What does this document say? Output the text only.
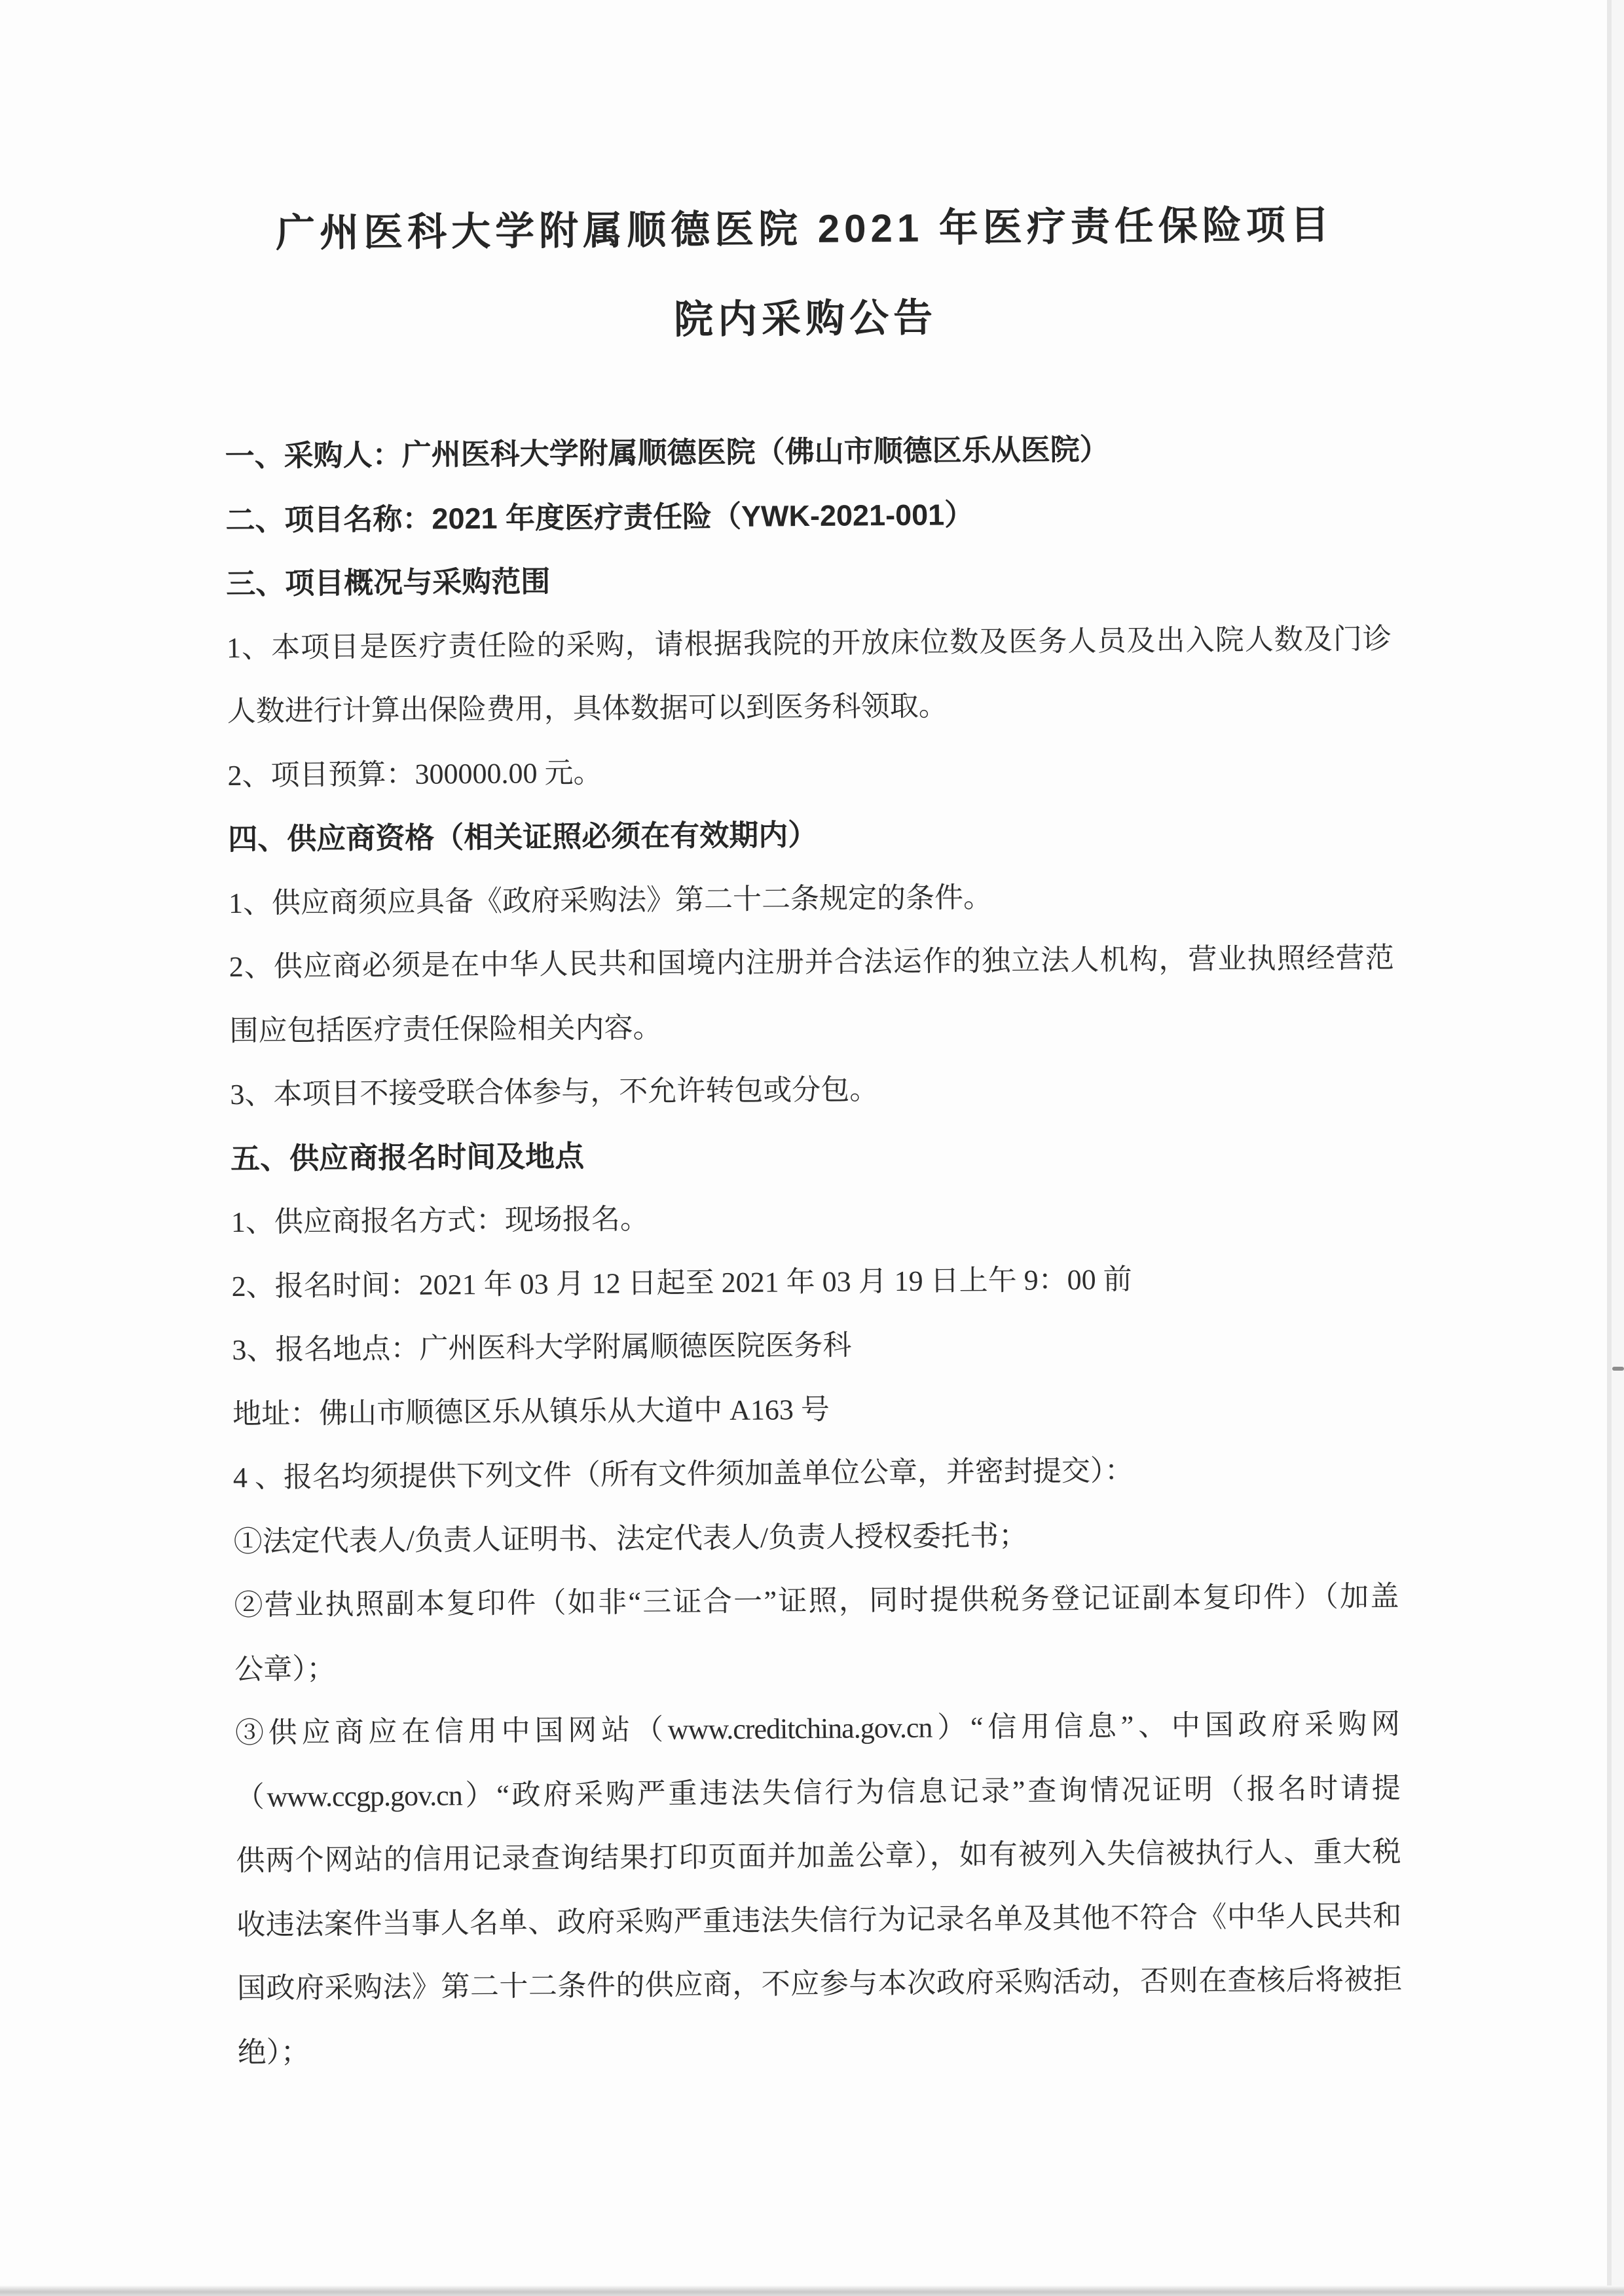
广州医科大学附属顺德医院 2021 年医疗责任保险项目
院内采购公告
一、采购人：广州医科大学附属顺德医院（佛山市顺德区乐从医院）
二、项目名称：2021 年度医疗责任险（YWK-2021-001）
三、项目概况与采购范围
1、本项目是医疗责任险的采购，请根据我院的开放床位数及医务人员及出入院人数及门诊
人数进行计算出保险费用，具体数据可以到医务科领取。
2、项目预算：300000.00 元。
四、供应商资格（相关证照必须在有效期内）
1、供应商须应具备《政府采购法》第二十二条规定的条件。
2、供应商必须是在中华人民共和国境内注册并合法运作的独立法人机构，营业执照经营范
围应包括医疗责任保险相关内容。
3、本项目不接受联合体参与，不允许转包或分包。
五、供应商报名时间及地点
1、供应商报名方式：现场报名。
2、报名时间：2021 年 03 月 12 日起至 2021 年 03 月 19 日上午 9：00 前
3、报名地点：广州医科大学附属顺德医院医务科
地址：佛山市顺德区乐从镇乐从大道中 A163 号
4 、报名均须提供下列文件（所有文件须加盖单位公章，并密封提交）：
①法定代表人/负责人证明书、法定代表人/负责人授权委托书；
②营业执照副本复印件（如非“三证合一”证照，同时提供税务登记证副本复印件）（加盖
公章）；
③供应商应在信用中国网站（www.creditchina.gov.cn）“信用信息”、中国政府采购网
（www.ccgp.gov.cn）“政府采购严重违法失信行为信息记录”查询情况证明（报名时请提
供两个网站的信用记录查询结果打印页面并加盖公章），如有被列入失信被执行人、重大税
收违法案件当事人名单、政府采购严重违法失信行为记录名单及其他不符合《中华人民共和
国政府采购法》第二十二条件的供应商，不应参与本次政府采购活动，否则在查核后将被拒
绝）；
